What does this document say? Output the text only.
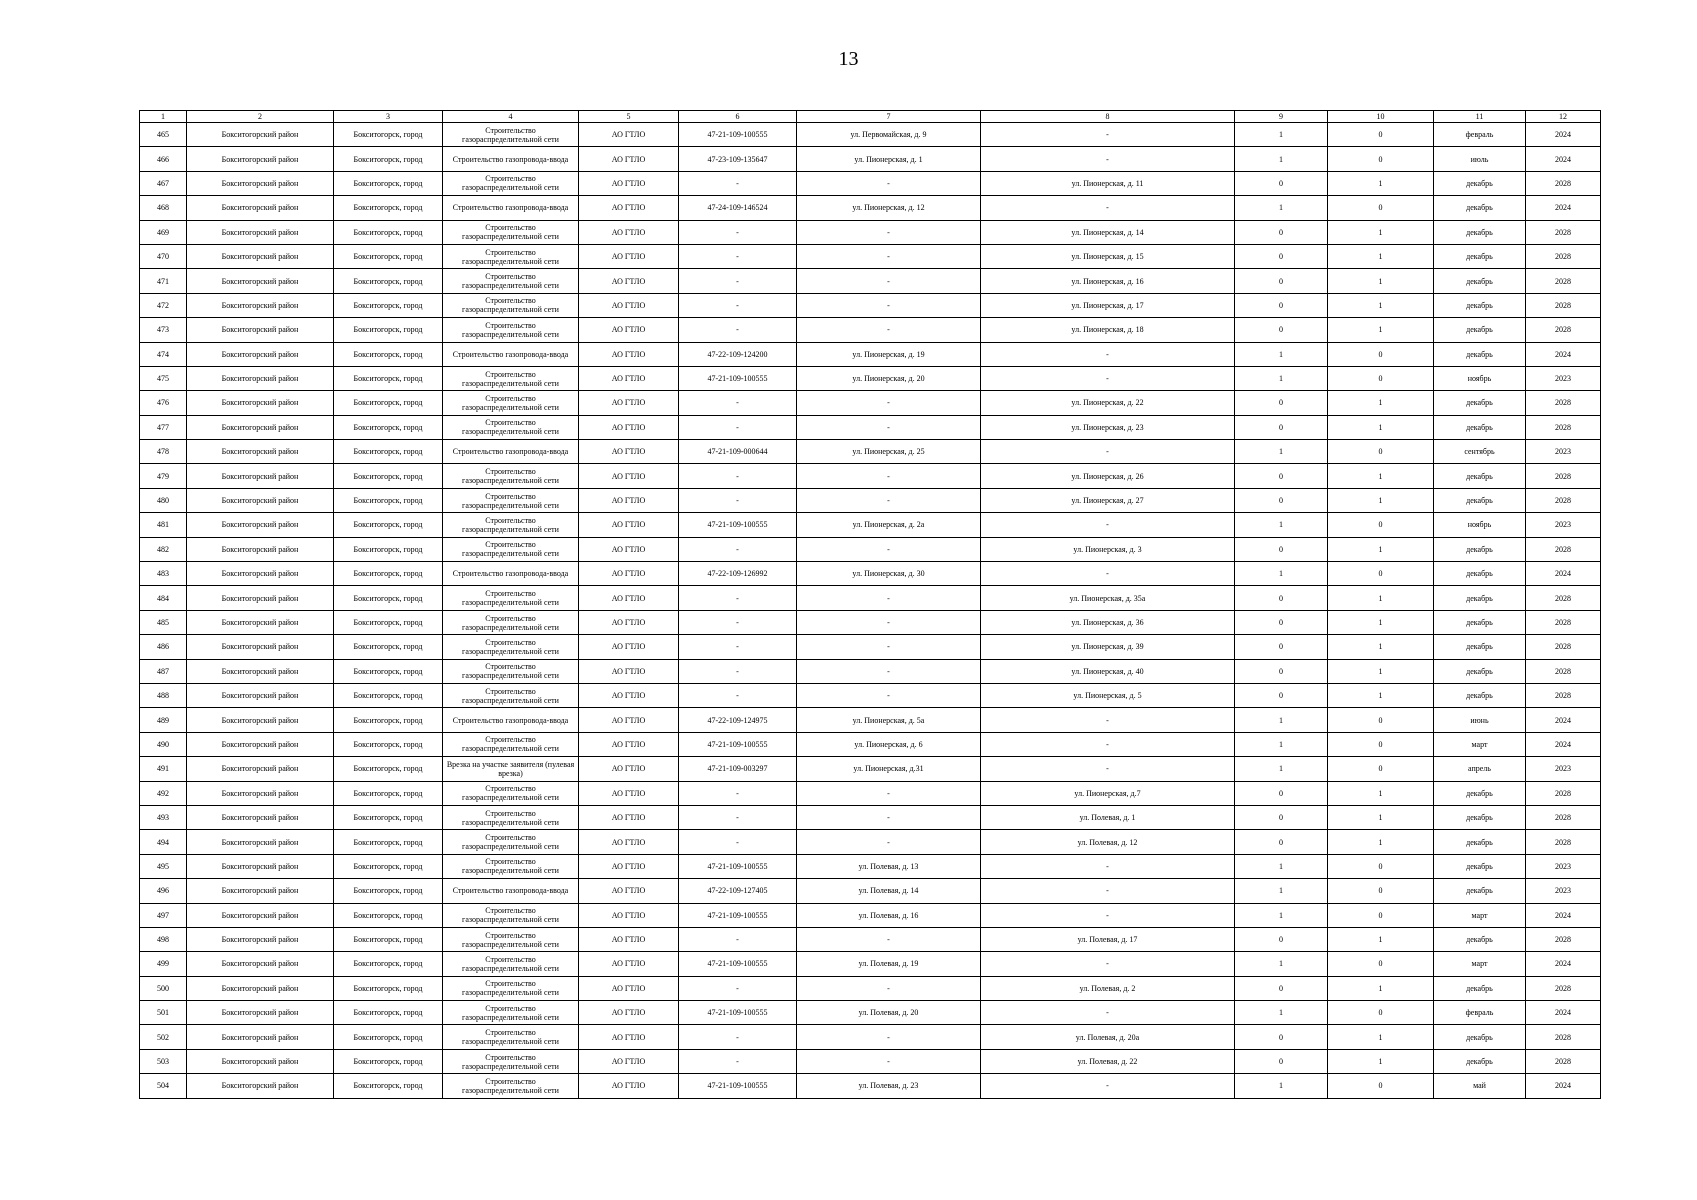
13
1	2	3	4	5	6	7	8	9	10	11	12
465	Бокситогорский район	Бокситогорск, город	Строительство газораспределительной сети	АО ГТЛО	47-21-109-100555	ул. Первомайская, д. 9	-	1	0	февраль	2024
466	Бокситогорский район	Бокситогорск, город	Строительство газопровода-ввода	АО ГТЛО	47-23-109-135647	ул. Пионерская, д. 1	-	1	0	июль	2024
467	Бокситогорский район	Бокситогорск, город	Строительство газораспределительной сети	АО ГТЛО	-	-	ул. Пионерская, д. 11	0	1	декабрь	2028
468	Бокситогорский район	Бокситогорск, город	Строительство газопровода-ввода	АО ГТЛО	47-24-109-146524	ул. Пионерская, д. 12	-	1	0	декабрь	2024
469	Бокситогорский район	Бокситогорск, город	Строительство газораспределительной сети	АО ГТЛО	-	-	ул. Пионерская, д. 14	0	1	декабрь	2028
470	Бокситогорский район	Бокситогорск, город	Строительство газораспределительной сети	АО ГТЛО	-	-	ул. Пионерская, д. 15	0	1	декабрь	2028
471	Бокситогорский район	Бокситогорск, город	Строительство газораспределительной сети	АО ГТЛО	-	-	ул. Пионерская, д. 16	0	1	декабрь	2028
472	Бокситогорский район	Бокситогорск, город	Строительство газораспределительной сети	АО ГТЛО	-	-	ул. Пионерская, д. 17	0	1	декабрь	2028
473	Бокситогорский район	Бокситогорск, город	Строительство газораспределительной сети	АО ГТЛО	-	-	ул. Пионерская, д. 18	0	1	декабрь	2028
474	Бокситогорский район	Бокситогорск, город	Строительство газопровода-ввода	АО ГТЛО	47-22-109-124200	ул. Пионерская, д. 19	-	1	0	декабрь	2024
475	Бокситогорский район	Бокситогорск, город	Строительство газораспределительной сети	АО ГТЛО	47-21-109-100555	ул. Пионерская, д. 20	-	1	0	ноябрь	2023
476	Бокситогорский район	Бокситогорск, город	Строительство газораспределительной сети	АО ГТЛО	-	-	ул. Пионерская, д. 22	0	1	декабрь	2028
477	Бокситогорский район	Бокситогорск, город	Строительство газораспределительной сети	АО ГТЛО	-	-	ул. Пионерская, д. 23	0	1	декабрь	2028
478	Бокситогорский район	Бокситогорск, город	Строительство газопровода-ввода	АО ГТЛО	47-21-109-000644	ул. Пионерская, д. 25	-	1	0	сентябрь	2023
479	Бокситогорский район	Бокситогорск, город	Строительство газораспределительной сети	АО ГТЛО	-	-	ул. Пионерская, д. 26	0	1	декабрь	2028
480	Бокситогорский район	Бокситогорск, город	Строительство газораспределительной сети	АО ГТЛО	-	-	ул. Пионерская, д. 27	0	1	декабрь	2028
481	Бокситогорский район	Бокситогорск, город	Строительство газораспределительной сети	АО ГТЛО	47-21-109-100555	ул. Пионерская, д. 2а	-	1	0	ноябрь	2023
482	Бокситогорский район	Бокситогорск, город	Строительство газораспределительной сети	АО ГТЛО	-	-	ул. Пионерская, д. 3	0	1	декабрь	2028
483	Бокситогорский район	Бокситогорск, город	Строительство газопровода-ввода	АО ГТЛО	47-22-109-126992	ул. Пионерская, д. 30	-	1	0	декабрь	2024
484	Бокситогорский район	Бокситогорск, город	Строительство газораспределительной сети	АО ГТЛО	-	-	ул. Пионерская, д. 35а	0	1	декабрь	2028
485	Бокситогорский район	Бокситогорск, город	Строительство газораспределительной сети	АО ГТЛО	-	-	ул. Пионерская, д. 36	0	1	декабрь	2028
486	Бокситогорский район	Бокситогорск, город	Строительство газораспределительной сети	АО ГТЛО	-	-	ул. Пионерская, д. 39	0	1	декабрь	2028
487	Бокситогорский район	Бокситогорск, город	Строительство газораспределительной сети	АО ГТЛО	-	-	ул. Пионерская, д. 40	0	1	декабрь	2028
488	Бокситогорский район	Бокситогорск, город	Строительство газораспределительной сети	АО ГТЛО	-	-	ул. Пионерская, д. 5	0	1	декабрь	2028
489	Бокситогорский район	Бокситогорск, город	Строительство газопровода-ввода	АО ГТЛО	47-22-109-124975	ул. Пионерская, д. 5а	-	1	0	июнь	2024
490	Бокситогорский район	Бокситогорск, город	Строительство газораспределительной сети	АО ГТЛО	47-21-109-100555	ул. Пионерская, д. 6	-	1	0	март	2024
491	Бокситогорский район	Бокситогорск, город	Врезка на участке заявителя (пулевая врезка)	АО ГТЛО	47-21-109-003297	ул. Пионерская, д.31	-	1	0	апрель	2023
492	Бокситогорский район	Бокситогорск, город	Строительство газораспределительной сети	АО ГТЛО	-	-	ул. Пионерская, д.7	0	1	декабрь	2028
493	Бокситогорский район	Бокситогорск, город	Строительство газораспределительной сети	АО ГТЛО	-	-	ул. Полевая, д. 1	0	1	декабрь	2028
494	Бокситогорский район	Бокситогорск, город	Строительство газораспределительной сети	АО ГТЛО	-	-	ул. Полевая, д. 12	0	1	декабрь	2028
495	Бокситогорский район	Бокситогорск, город	Строительство газораспределительной сети	АО ГТЛО	47-21-109-100555	ул. Полевая, д. 13	-	1	0	декабрь	2023
496	Бокситогорский район	Бокситогорск, город	Строительство газопровода-ввода	АО ГТЛО	47-22-109-127405	ул. Полевая, д. 14	-	1	0	декабрь	2023
497	Бокситогорский район	Бокситогорск, город	Строительство газораспределительной сети	АО ГТЛО	47-21-109-100555	ул. Полевая, д. 16	-	1	0	март	2024
498	Бокситогорский район	Бокситогорск, город	Строительство газораспределительной сети	АО ГТЛО	-	-	ул. Полевая, д. 17	0	1	декабрь	2028
499	Бокситогорский район	Бокситогорск, город	Строительство газораспределительной сети	АО ГТЛО	47-21-109-100555	ул. Полевая, д. 19	-	1	0	март	2024
500	Бокситогорский район	Бокситогорск, город	Строительство газораспределительной сети	АО ГТЛО	-	-	ул. Полевая, д. 2	0	1	декабрь	2028
501	Бокситогорский район	Бокситогорск, город	Строительство газораспределительной сети	АО ГТЛО	47-21-109-100555	ул. Полевая, д. 20	-	1	0	февраль	2024
502	Бокситогорский район	Бокситогорск, город	Строительство газораспределительной сети	АО ГТЛО	-	-	ул. Полевая, д. 20а	0	1	декабрь	2028
503	Бокситогорский район	Бокситогорск, город	Строительство газораспределительной сети	АО ГТЛО	-	-	ул. Полевая, д. 22	0	1	декабрь	2028
504	Бокситогорский район	Бокситогорск, город	Строительство газораспределительной сети	АО ГТЛО	47-21-109-100555	ул. Полевая, д. 23	-	1	0	май	2024
